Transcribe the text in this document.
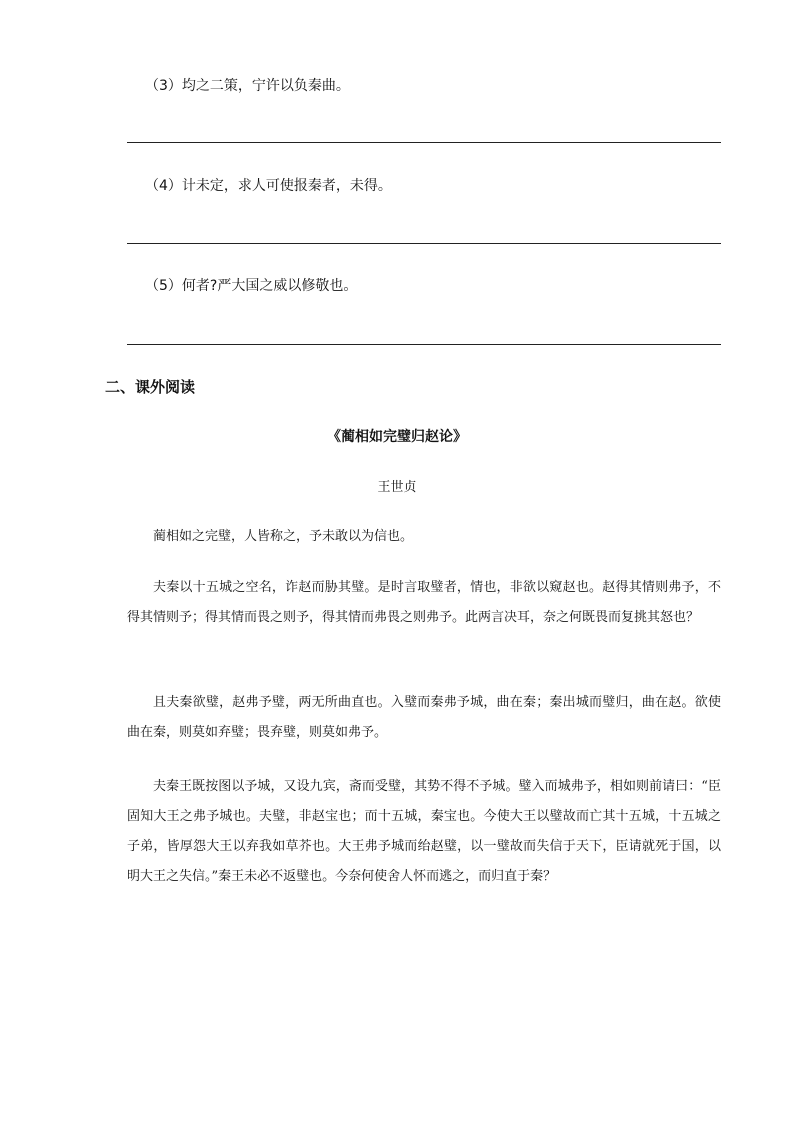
（3）均之二策，宁许以负秦曲。
（4）计未定，求人可使报秦者，未得。
（5）何者?严大国之威以修敬也。
二、课外阅读
《蔺相如完璧归赵论》
王世贞

蔺相如之完璧，人皆称之，予未敢以为信也。

夫秦以十五城之空名，诈赵而胁其璧。是时言取璧者，情也，非欲以窥赵也。赵得其情则弗予，不得其情则予；得其情而畏之则予，得其情而弗畏之则弗予。此两言决耳，奈之何既畏而复挑其怒也？

且夫秦欲璧，赵弗予璧，两无所曲直也。入璧而秦弗予城，曲在秦；秦出城而璧归，曲在赵。欲使曲在秦，则莫如弃璧；畏弃璧，则莫如弗予。

夫秦王既按图以予城，又设九宾，斋而受璧，其势不得不予城。璧入而城弗予，相如则前请曰：“臣固知大王之弗予城也。夫璧，非赵宝也；而十五城，秦宝也。今使大王以璧故而亡其十五城，十五城之子弟，皆厚怨大王以弃我如草芥也。大王弗予城而绐赵璧，以一璧故而失信于天下，臣请就死于国，以明大王之失信。”秦王未必不返璧也。今奈何使舍人怀而逃之，而归直于秦？
